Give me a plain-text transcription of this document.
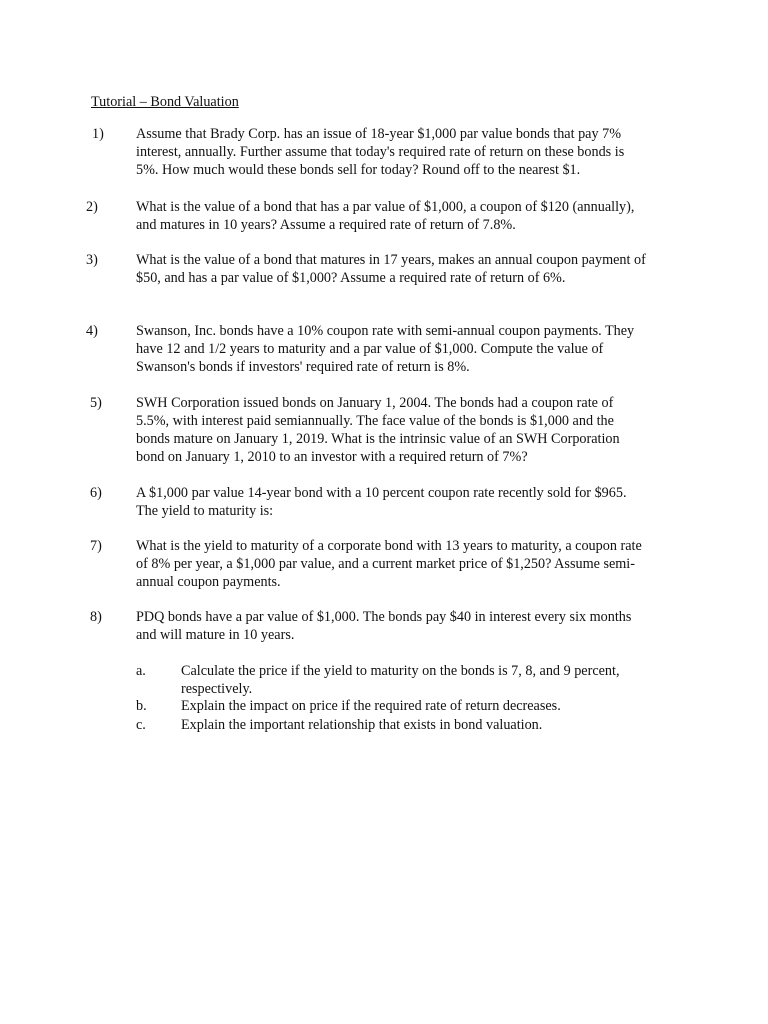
Tutorial – Bond Valuation
1) Assume that Brady Corp. has an issue of 18-year $1,000 par value bonds that pay 7%
interest, annually. Further assume that today's required rate of return on these bonds is
5%. How much would these bonds sell for today? Round off to the nearest $1.
2)	What is the value of a bond that has a par value of $1,000, a coupon of $120 (annually),
and matures in 10 years? Assume a required rate of return of 7.8%.
3)	What is the value of a bond that matures in 17 years, makes an annual coupon payment of
$50, and has a par value of $1,000? Assume a required rate of return of 6%.
4)	Swanson, Inc. bonds have a 10% coupon rate with semi-annual coupon payments. They
have 12 and 1/2 years to maturity and a par value of $1,000. Compute the value of
Swanson's bonds if investors' required rate of return is 8%.
5) SWH Corporation issued bonds on January 1, 2004. The bonds had a coupon rate of
5.5%, with interest paid semiannually. The face value of the bonds is $1,000 and the
bonds mature on January 1, 2019. What is the intrinsic value of an SWH Corporation
bond on January 1, 2010 to an investor with a required return of 7%?
6) A $1,000 par value 14-year bond with a 10 percent coupon rate recently sold for $965.
The yield to maturity is:
7) What is the yield to maturity of a corporate bond with 13 years to maturity, a coupon rate
of 8% per year, a $1,000 par value, and a current market price of $1,250? Assume semi-
annual coupon payments.
8) PDQ bonds have a par value of $1,000. The bonds pay $40 in interest every six months
and will mature in 10 years.
a. Calculate the price if the yield to maturity on the bonds is 7, 8, and 9 percent, respectively.
b. Explain the impact on price if the required rate of return decreases.
c. Explain the important relationship that exists in bond valuation.
